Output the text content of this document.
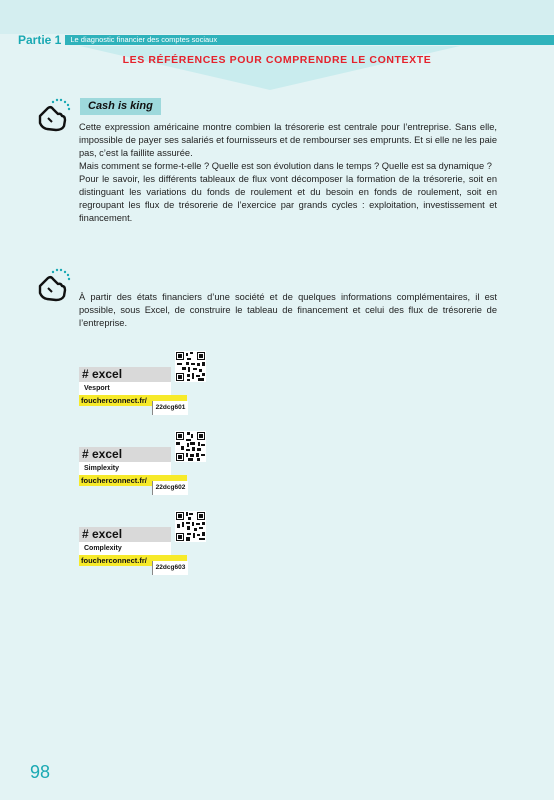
Partie 1	Le diagnostic financier des comptes sociaux
LES RÉFÉRENCES POUR COMPRENDRE LE CONTEXTE
Cash is king

Cette expression américaine montre combien la trésorerie est centrale pour l’entreprise. Sans elle, impossible de payer ses salariés et fournisseurs et de rembourser ses emprunts. Et si elle ne les paie pas, c’est la faillite assurée.

Mais comment se forme-t-elle ? Quelle est son évolution dans le temps ? Quelle est sa dynamique ?

Pour le savoir, les différents tableaux de flux vont décomposer la formation de la trésorerie, soit en distinguant les variations du fonds de roulement et du besoin en fonds de roulement, soit en regroupant les flux de trésorerie de l’exercice par grands cycles : exploitation, investissement et financement.

À partir des états financiers d’une société et de quelques informations complémentaires, il est possible, sous Excel, de construire le tableau de financement et celui des flux de trésorerie de l’entreprise.

# excel
Vesport
foucherconnect.fr/
22dcg601
# excel
Simplexity
foucherconnect.fr/
22dcg602
# excel
Complexity
foucherconnect.fr/
22dcg603
98
